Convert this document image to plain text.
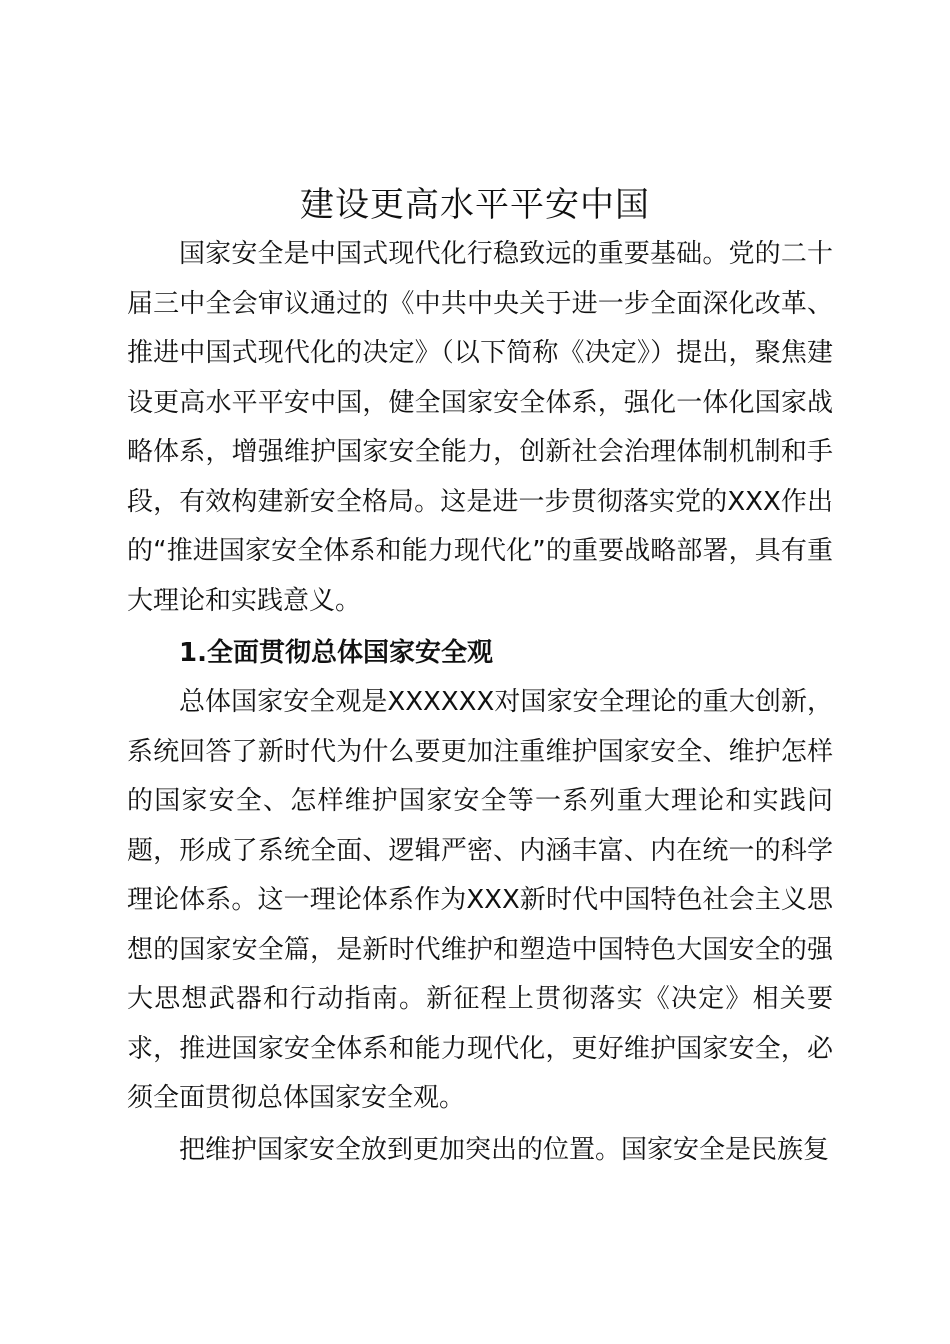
建设更高水平平安中国

国家安全是中国式现代化行稳致远的重要基础。党的二十届三中全会审议通过的《中共中央关于进一步全面深化改革、推进中国式现代化的决定》（以下简称《决定》）提出，聚焦建设更高水平平安中国，健全国家安全体系，强化一体化国家战略体系，增强维护国家安全能力，创新社会治理体制机制和手段，有效构建新安全格局。这是进一步贯彻落实党的XXX作出的“推进国家安全体系和能力现代化”的重要战略部署，具有重大理论和实践意义。

1.全面贯彻总体国家安全观

总体国家安全观是XXXXXX对国家安全理论的重大创新，系统回答了新时代为什么要更加注重维护国家安全、维护怎样的国家安全、怎样维护国家安全等一系列重大理论和实践问题，形成了系统全面、逻辑严密、内涵丰富、内在统一的科学理论体系。这一理论体系作为XXX新时代中国特色社会主义思想的国家安全篇，是新时代维护和塑造中国特色大国安全的强大思想武器和行动指南。新征程上贯彻落实《决定》相关要求，推进国家安全体系和能力现代化，更好维护国家安全，必须全面贯彻总体国家安全观。

把维护国家安全放到更加突出的位置。国家安全是民族复
